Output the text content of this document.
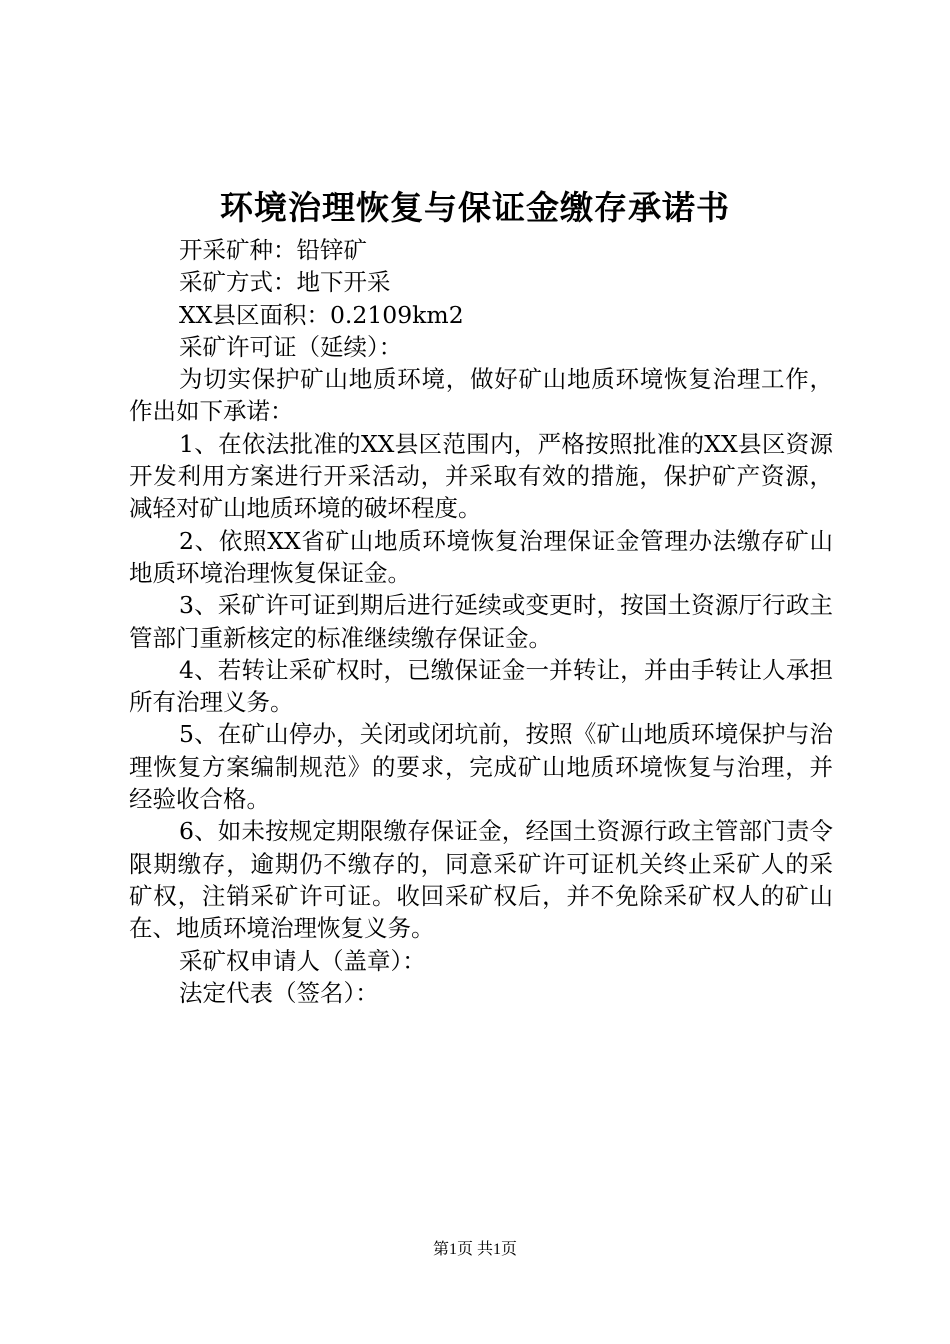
环境治理恢复与保证金缴存承诺书
开采矿种：铅锌矿
采矿方式：地下开采
XX县区面积：0.2109km2
采矿许可证（延续）：

为切实保护矿山地质环境，做好矿山地质环境恢复治理工作，作出如下承诺：

1、在依法批准的XX县区范围内，严格按照批准的XX县区资源开发利用方案进行开采活动，并采取有效的措施，保护矿产资源，减轻对矿山地质环境的破坏程度。

2、依照XX省矿山地质环境恢复治理保证金管理办法缴存矿山地质环境治理恢复保证金。

3、采矿许可证到期后进行延续或变更时，按国土资源厅行政主管部门重新核定的标准继续缴存保证金。

4、若转让采矿权时，已缴保证金一并转让，并由手转让人承担所有治理义务。

5、在矿山停办，关闭或闭坑前，按照《矿山地质环境保护与治理恢复方案编制规范》的要求，完成矿山地质环境恢复与治理，并经验收合格。

6、如未按规定期限缴存保证金，经国土资源行政主管部门责令限期缴存，逾期仍不缴存的，同意采矿许可证机关终止采矿人的采矿权，注销采矿许可证。收回采矿权后，并不免除采矿权人的矿山在、地质环境治理恢复义务。

采矿权申请人（盖章）：
法定代表（签名）：
第1页 共1页
